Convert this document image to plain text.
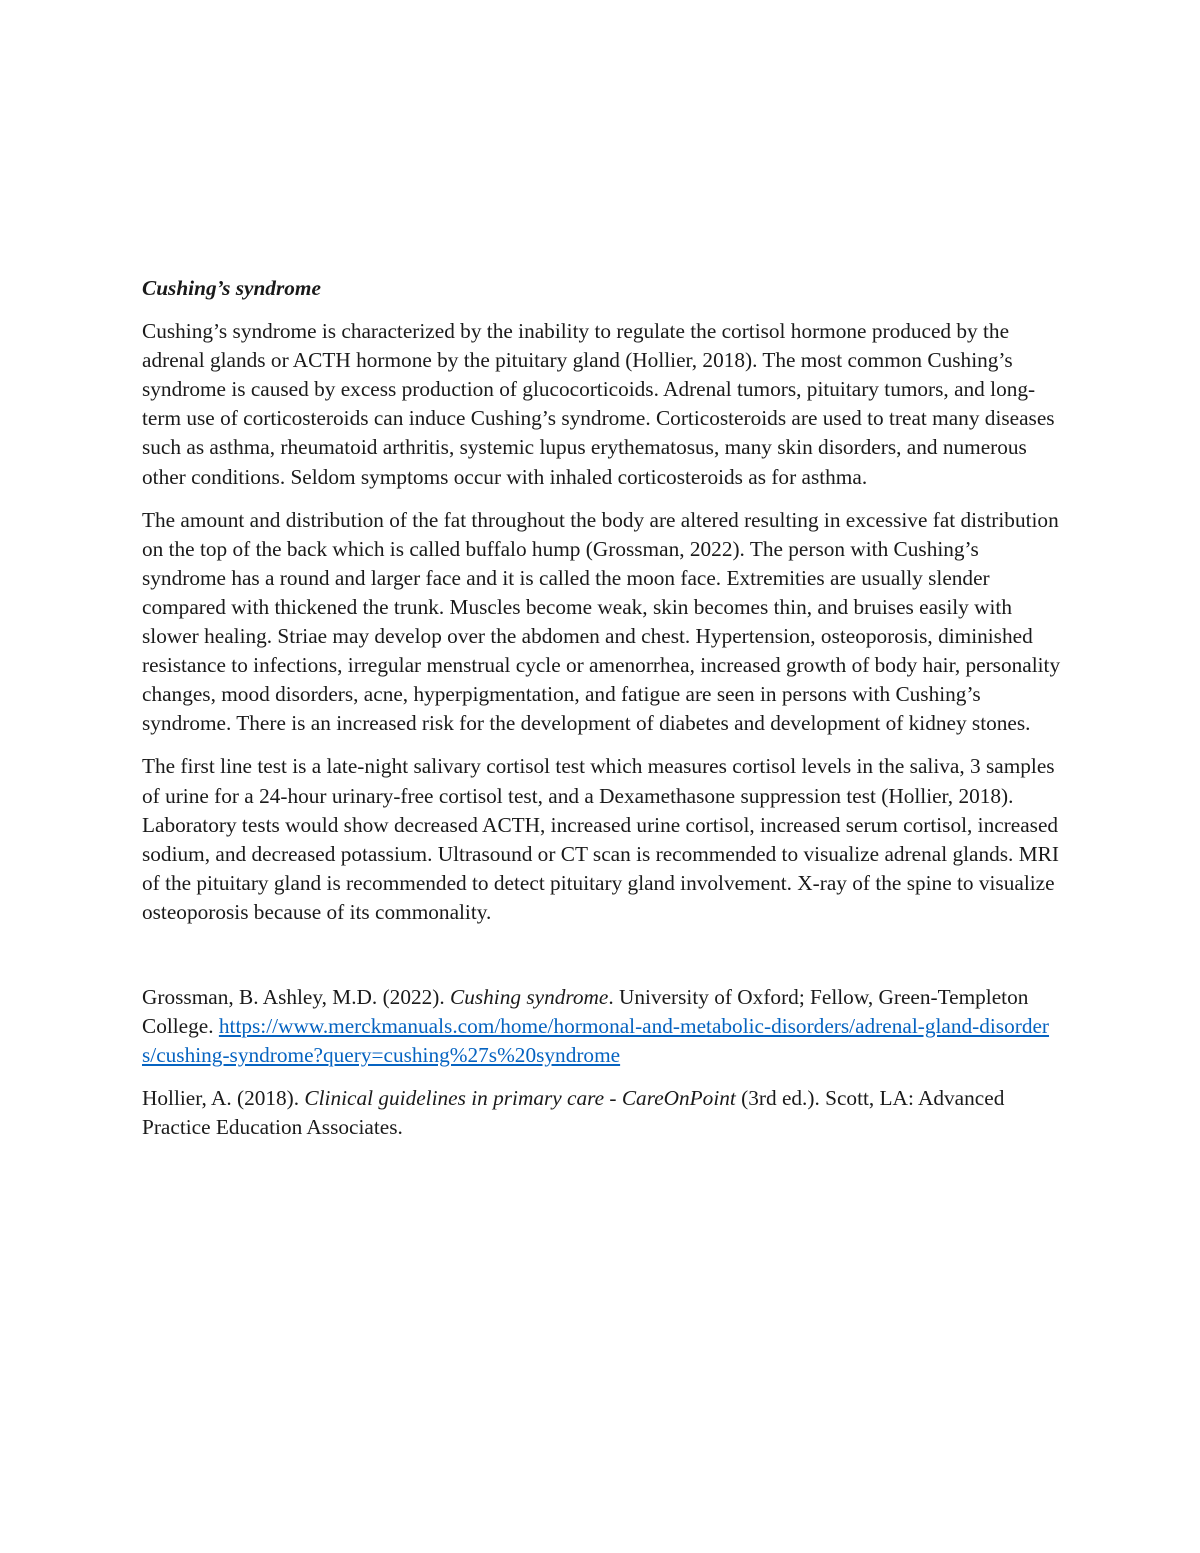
Cushing’s syndrome

Cushing’s syndrome is characterized by the inability to regulate the cortisol hormone produced by the adrenal glands or ACTH hormone by the pituitary gland (Hollier, 2018). The most common Cushing’s syndrome is caused by excess production of glucocorticoids. Adrenal tumors, pituitary tumors, and long-term use of corticosteroids can induce Cushing’s syndrome. Corticosteroids are used to treat many diseases such as asthma, rheumatoid arthritis, systemic lupus erythematosus, many skin disorders, and numerous other conditions. Seldom symptoms occur with inhaled corticosteroids as for asthma.

The amount and distribution of the fat throughout the body are altered resulting in excessive fat distribution on the top of the back which is called buffalo hump (Grossman, 2022). The person with Cushing’s syndrome has a round and larger face and it is called the moon face. Extremities are usually slender compared with thickened the trunk. Muscles become weak, skin becomes thin, and bruises easily with slower healing. Striae may develop over the abdomen and chest. Hypertension, osteoporosis, diminished resistance to infections, irregular menstrual cycle or amenorrhea, increased growth of body hair, personality changes, mood disorders, acne, hyperpigmentation, and fatigue are seen in persons with Cushing’s syndrome. There is an increased risk for the development of diabetes and development of kidney stones.

The first line test is a late-night salivary cortisol test which measures cortisol levels in the saliva, 3 samples of urine for a 24-hour urinary-free cortisol test, and a Dexamethasone suppression test (Hollier, 2018). Laboratory tests would show decreased ACTH, increased urine cortisol, increased serum cortisol, increased sodium, and decreased potassium. Ultrasound or CT scan is recommended to visualize adrenal glands. MRI of the pituitary gland is recommended to detect pituitary gland involvement. X-ray of the spine to visualize osteoporosis because of its commonality.

Grossman, B. Ashley, M.D. (2022). Cushing syndrome. University of Oxford; Fellow, Green-Templeton College. https://www.merckmanuals.com/home/hormonal-and-metabolic-disorders/adrenal-gland-disorders/cushing-syndrome?query=cushing%27s%20syndrome

Hollier, A. (2018). Clinical guidelines in primary care - CareOnPoint (3rd ed.). Scott, LA: Advanced Practice Education Associates.
